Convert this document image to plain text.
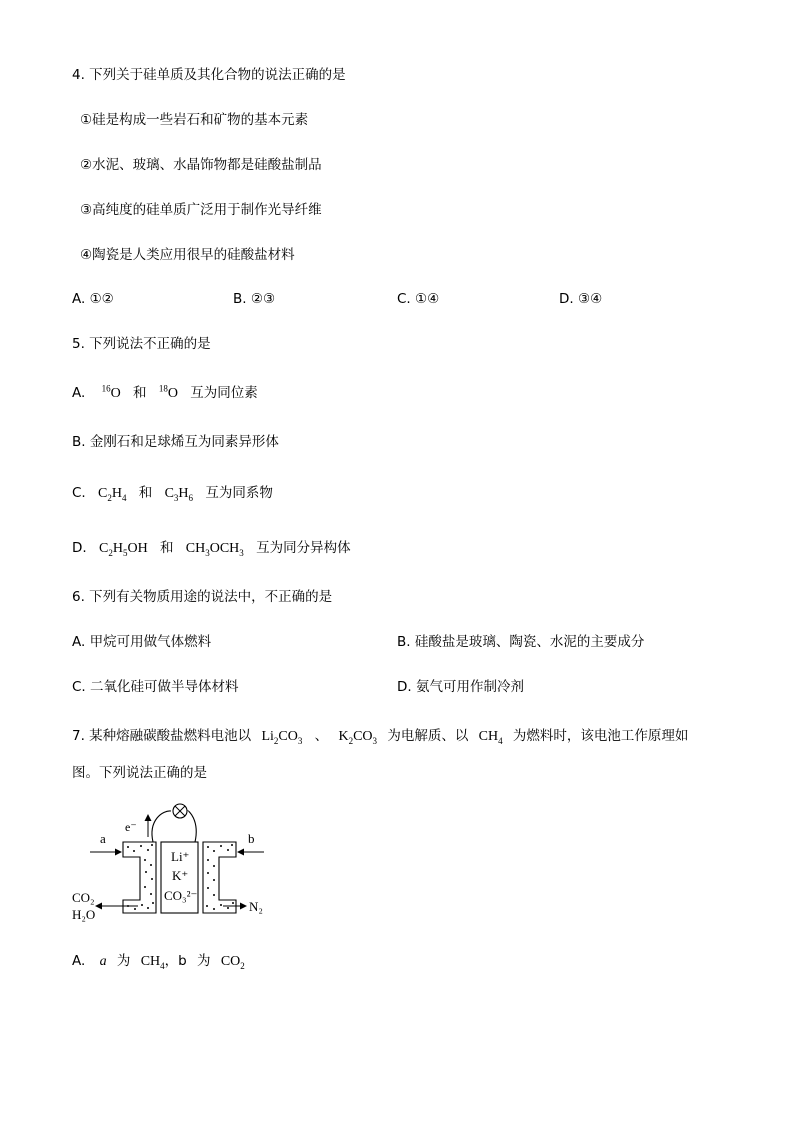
4. 下列关于硅单质及其化合物的说法正确的是
①硅是构成一些岩石和矿物的基本元素
②水泥、玻璃、水晶饰物都是硅酸盐制品
③高纯度的硅单质广泛用于制作光导纤维
④陶瓷是人类应用很早的硅酸盐材料
A. ①②	B. ②③	C. ①④	D. ③④
5. 下列说法不正确的是
A. $^{16}$O 和 $^{18}$O 互为同位素
B. 金刚石和足球烯互为同素异形体
C. $C_2H_4$ 和 $C_3H_6$ 互为同系物
D. $C_2H_5OH$ 和 $CH_3OCH_3$ 互为同分异构体
6. 下列有关物质用途的说法中，不正确的是
A. 甲烷可用做气体燃料	B. 硅酸盐是玻璃、陶瓷、水泥的主要成分
C. 二氧化硅可做半导体材料	D. 氨气可用作制冷剂
7. 某种熔融碳酸盐燃料电池以 $Li_2CO_3$ 、 $K_2CO_3$ 为电解质、以 $CH_4$ 为燃料时，该电池工作原理如
图。下列说法正确的是
e⁻
Li⁺
K⁺
CO₃²⁻
a	b
CO₂
H₂O
N₂
A. a 为 $CH_4$，b 为 $CO_2$
